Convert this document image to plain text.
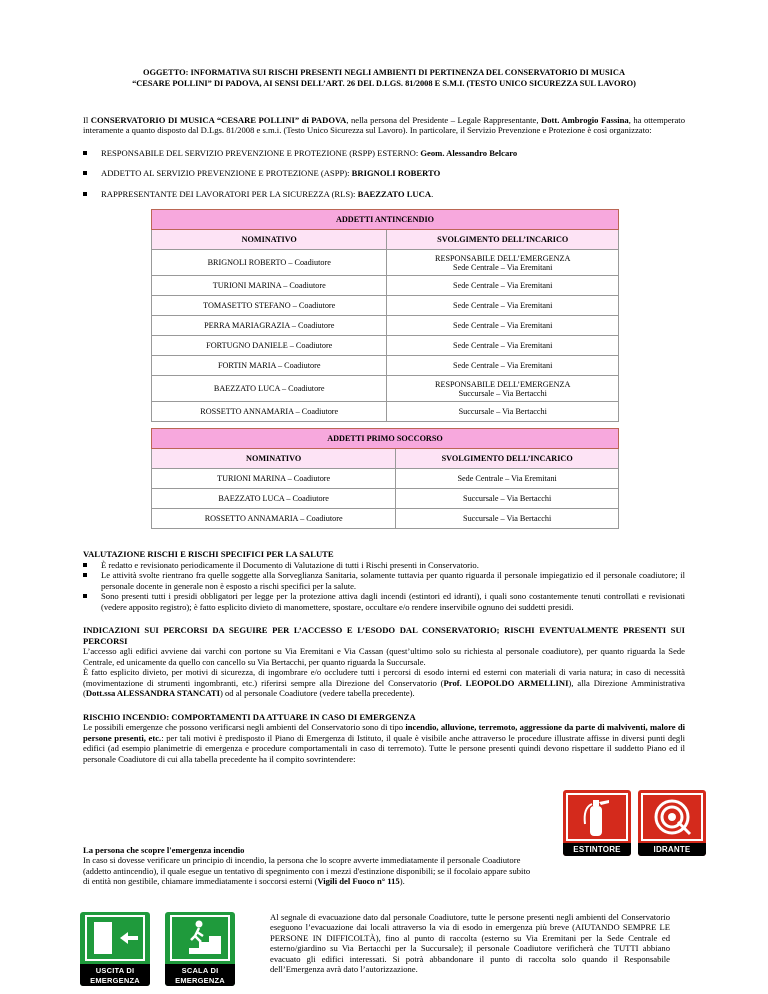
OGGETTO: INFORMATIVA SUI RISCHI PRESENTI NEGLI AMBIENTI DI PERTINENZA DEL CONSERVATORIO DI MUSICA
“CESARE POLLINI” DI PADOVA, AI SENSI DELL’ART. 26 DEL D.LGS. 81/2008 E S.M.I. (TESTO UNICO SICUREZZA SUL LAVORO)

Il CONSERVATORIO DI MUSICA “CESARE POLLINI” di PADOVA, nella persona del Presidente – Legale Rappresentante, Dott. Ambrogio Fassina, ha ottemperato interamente a quanto disposto dal D.Lgs. 81/2008 e s.m.i. (Testo Unico Sicurezza sul Lavoro). In particolare, il Servizio Prevenzione e Protezione è così organizzato:

RESPONSABILE DEL SERVIZIO PREVENZIONE E PROTEZIONE (RSPP) ESTERNO: Geom. Alessandro Belcaro
ADDETTO AL SERVIZIO PREVENZIONE E PROTEZIONE (ASPP): BRIGNOLI ROBERTO
RAPPRESENTANTE DEI LAVORATORI PER LA SICUREZZA (RLS): BAEZZATO LUCA.
ADDETTI ANTINCENDIO	
NOMINATIVO	SVOLGIMENTO DELL’INCARICO
BRIGNOLI ROBERTO – Coadiutore	RESPONSABILE DELL’EMERGENZA
Sede Centrale – Via Eremitani

TURIONI MARINA – Coadiutore	Sede Centrale – Via Eremitani
TOMASETTO STEFANO – Coadiutore	Sede Centrale – Via Eremitani
PERRA MARIAGRAZIA – Coadiutore	Sede Centrale – Via Eremitani
FORTUGNO DANIELE – Coadiutore	Sede Centrale – Via Eremitani
FORTIN MARIA – Coadiutore	Sede Centrale – Via Eremitani
BAEZZATO LUCA – Coadiutore	RESPONSABILE DELL’EMERGENZA
Succursale – Via Bertacchi

ROSSETTO ANNAMARIA – Coadiutore	Succursale – Via Bertacchi
ADDETTI PRIMO SOCCORSO	
NOMINATIVO	SVOLGIMENTO DELL’INCARICO
TURIONI MARINA – Coadiutore	Sede Centrale – Via Eremitani
BAEZZATO LUCA – Coadiutore	Succursale – Via Bertacchi
ROSSETTO ANNAMARIA – Coadiutore	Succursale – Via Bertacchi
VALUTAZIONE RISCHI E RISCHI SPECIFICI PER LA SALUTE
È redatto e revisionato periodicamente il Documento di Valutazione di tutti i Rischi presenti in Conservatorio.
Le attività svolte rientrano fra quelle soggette alla Sorveglianza Sanitaria, solamente tuttavia per quanto riguarda il personale impiegatizio ed il personale coadiutore; il personale docente in generale non è esposto a rischi specifici per la salute.
Sono presenti tutti i presidi obbligatori per legge per la protezione attiva dagli incendi (estintori ed idranti), i quali sono costantemente tenuti controllati e revisionati (vedere apposito registro); è fatto esplicito divieto di manomettere, spostare, occultare e/o rendere inservibile ognuno dei suddetti presidi.
INDICAZIONI SUI PERCORSI DA SEGUIRE PER L’ACCESSO E L’ESODO DAL CONSERVATORIO; RISCHI EVENTUALMENTE PRESENTI SUI PERCORSI

L’accesso agli edifici avviene dai varchi con portone su Via Eremitani e Via Cassan (quest’ultimo solo su richiesta al personale coadiutore), per quanto riguarda la Sede Centrale, ed unicamente da quello con cancello su Via Bertacchi, per quanto riguarda la Succursale.

È fatto esplicito divieto, per motivi di sicurezza, di ingombrare e/o occludere tutti i percorsi di esodo interni ed esterni con materiali di varia natura; in caso di necessità (movimentazione di strumenti ingombranti, etc.) riferirsi sempre alla Direzione del Conservatorio (Prof. LEOPOLDO ARMELLINI), alla Direzione Amministrativa (Dott.ssa ALESSANDRA STANCATI) od al personale Coadiutore (vedere tabella precedente).

RISCHIO INCENDIO: COMPORTAMENTI DA ATTUARE IN CASO DI EMERGENZA

Le possibili emergenze che possono verificarsi negli ambienti del Conservatorio sono di tipo incendio, alluvione, terremoto, aggressione da parte di malviventi, malore di persone presenti, etc.: per tali motivi è predisposto il Piano di Emergenza di Istituto, il quale è visibile anche attraverso le procedure illustrate affisse in diversi punti degli edifici (ad esempio planimetrie di emergenza e procedure comportamentali in caso di terremoto). Tutte le persone presenti quindi devono rispettare il suddetto Piano ed il personale Coadiutore di cui alla tabella precedente ha il compito sovrintendere:

La persona che scopre l'emergenza incendio

In caso si dovesse verificare un principio di incendio, la persona che lo scopre avverte immediatamente il personale Coadiutore (addetto antincendio), il quale esegue un tentativo di spegnimento con i mezzi d'estinzione disponibili; se il focolaio appare subito di entità non gestibile, chiamare immediatamente i soccorsi esterni (Vigili del Fuoco n° 115).

ESTINTORE	IDRANTE
USCITA DI
EMERGENZA
SCALA DI
EMERGENZA

Al segnale di evacuazione dato dal personale Coadiutore, tutte le persone presenti negli ambienti del Conservatorio eseguono l’evacuazione dai locali attraverso la via di esodo in emergenza più breve (AIUTANDO SEMPRE LE PERSONE IN DIFFICOLTÀ), fino al punto di raccolta (esterno su Via Eremitani per la Sede Centrale ed esterno/giardino su Via Bertacchi per la Succursale); il personale Coadiutore verificherà che TUTTI abbiano evacuato gli edifici interessati. Si potrà abbandonare il punto di raccolta solo quando il Responsabile dell’Emergenza avrà dato l’autorizzazione.
